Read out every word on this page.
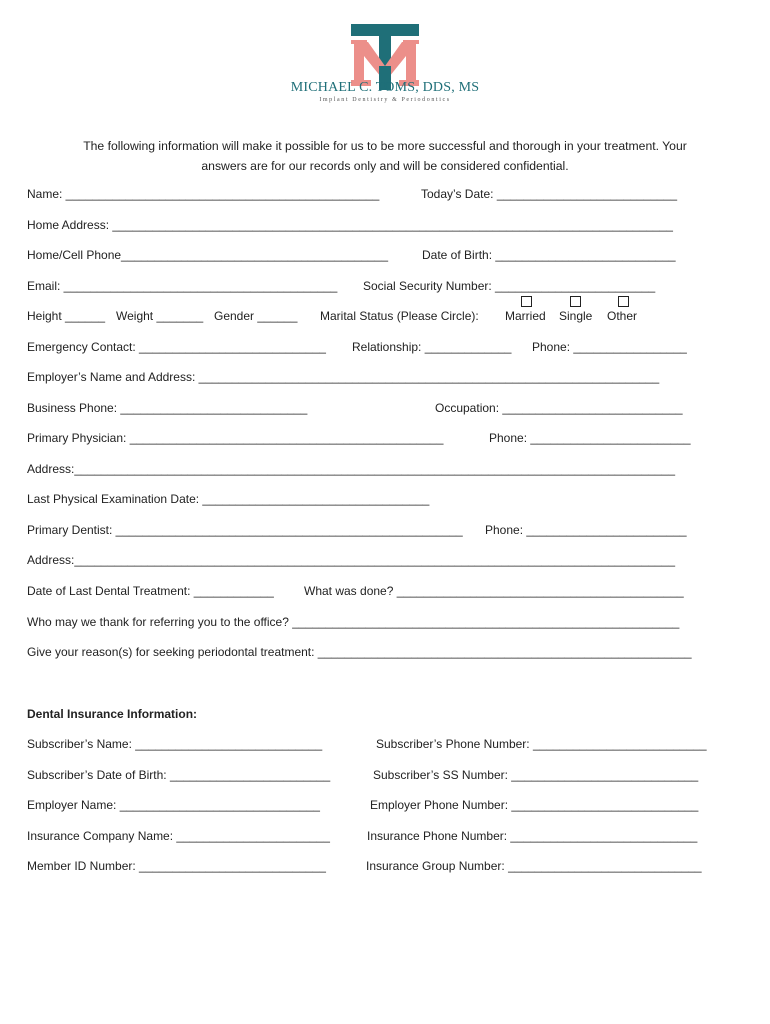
MICHAEL C. TOMS, DDS, MS
Implant Dentistry & Periodontics
The following information will make it possible for us to be more successful and thorough in your treatment. Your
answers are for our records only and will be considered confidential.
Name: _______________________________________________	Today’s Date: ___________________________
Home Address: ____________________________________________________________________________________
Home/Cell Phone________________________________________	Date of Birth: ___________________________
Email: _________________________________________ Social Security Number: ________________________
Height ______ Weight _______ Gender ______ Marital Status (Please Circle): Married Single Other
Emergency Contact: ____________________________ Relationship: _____________ Phone: _________________
Employer’s Name and Address: _____________________________________________________________________
Business Phone: ____________________________	Occupation: ___________________________
Primary Physician: _______________________________________________	Phone: ________________________
Address:__________________________________________________________________________________________
Last Physical Examination Date: __________________________________
Primary Dentist: ____________________________________________________ Phone: ________________________
Address:__________________________________________________________________________________________
Date of Last Dental Treatment: ____________	What was done? ___________________________________________
Who may we thank for referring you to the office? __________________________________________________________
Give your reason(s) for seeking periodontal treatment: ________________________________________________________
Dental Insurance Information:
Subscriber’s Name: ____________________________	Subscriber’s Phone Number: __________________________
Subscriber’s Date of Birth: ________________________	Subscriber’s SS Number: ____________________________
Employer Name: ______________________________	Employer Phone Number: ____________________________
Insurance Company Name: _______________________	Insurance Phone Number: ____________________________
Member ID Number: ____________________________	Insurance Group Number: _____________________________
